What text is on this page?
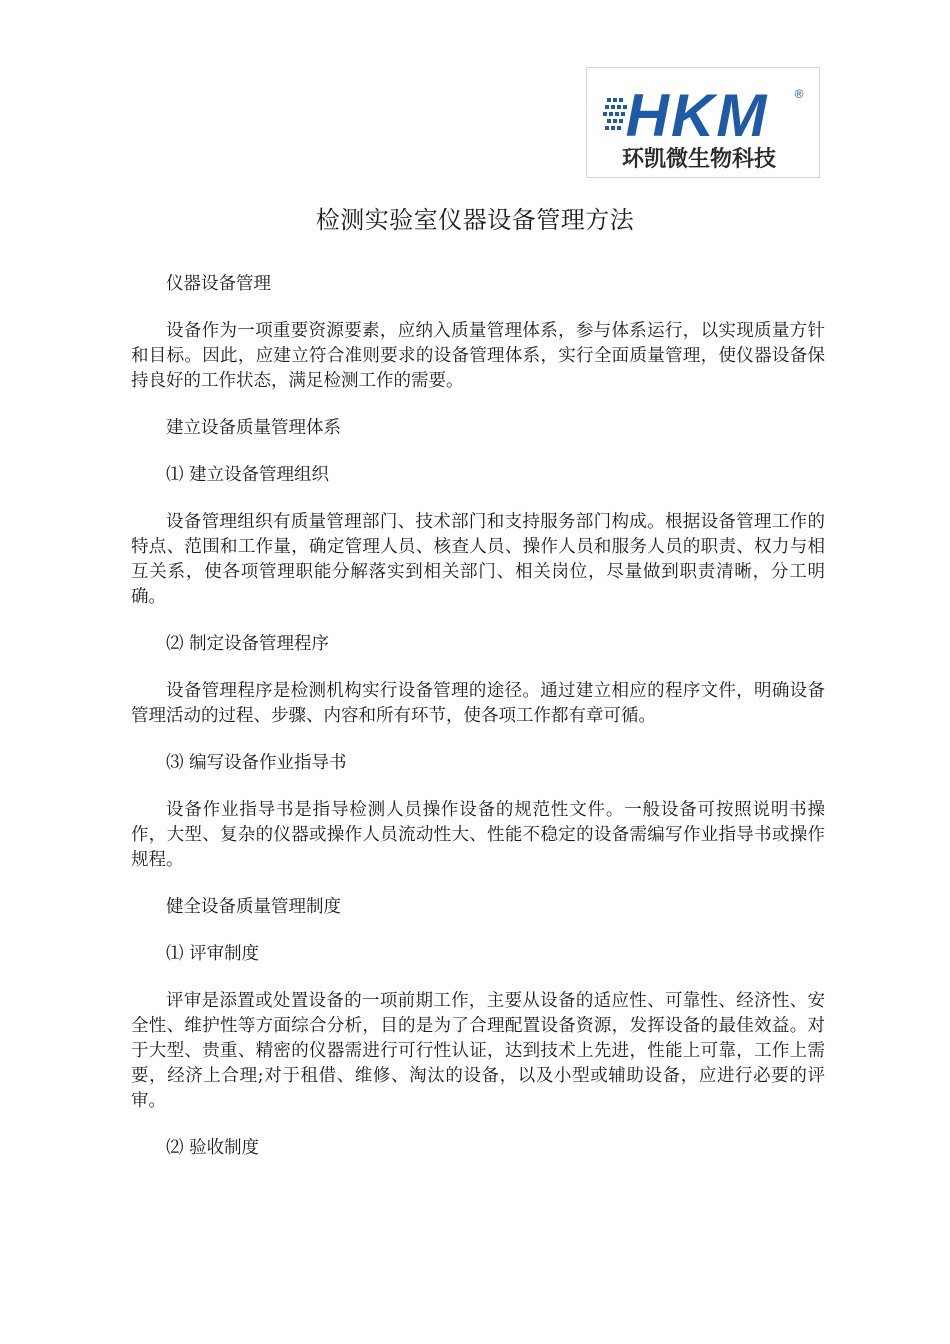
HKM ®
环凯微生物科技
检测实验室仪器设备管理方法

仪器设备管理

设备作为一项重要资源要素，应纳入质量管理体系，参与体系运行，以实现质量方针和目标。因此，应建立符合准则要求的设备管理体系，实行全面质量管理，使仪器设备保持良好的工作状态，满足检测工作的需要。

建立设备质量管理体系

⑴ 建立设备管理组织

设备管理组织有质量管理部门、技术部门和支持服务部门构成。根据设备管理工作的特点、范围和工作量，确定管理人员、核查人员、操作人员和服务人员的职责、权力与相互关系，使各项管理职能分解落实到相关部门、相关岗位，尽量做到职责清晰，分工明确。

⑵ 制定设备管理程序

设备管理程序是检测机构实行设备管理的途径。通过建立相应的程序文件，明确设备管理活动的过程、步骤、内容和所有环节，使各项工作都有章可循。

⑶ 编写设备作业指导书

设备作业指导书是指导检测人员操作设备的规范性文件。一般设备可按照说明书操作，大型、复杂的仪器或操作人员流动性大、性能不稳定的设备需编写作业指导书或操作规程。

健全设备质量管理制度

⑴ 评审制度

评审是添置或处置设备的一项前期工作，主要从设备的适应性、可靠性、经济性、安全性、维护性等方面综合分析，目的是为了合理配置设备资源，发挥设备的最佳效益。对于大型、贵重、精密的仪器需进行可行性认证，达到技术上先进，性能上可靠，工作上需要，经济上合理;对于租借、维修、淘汰的设备，以及小型或辅助设备，应进行必要的评审。

⑵ 验收制度
